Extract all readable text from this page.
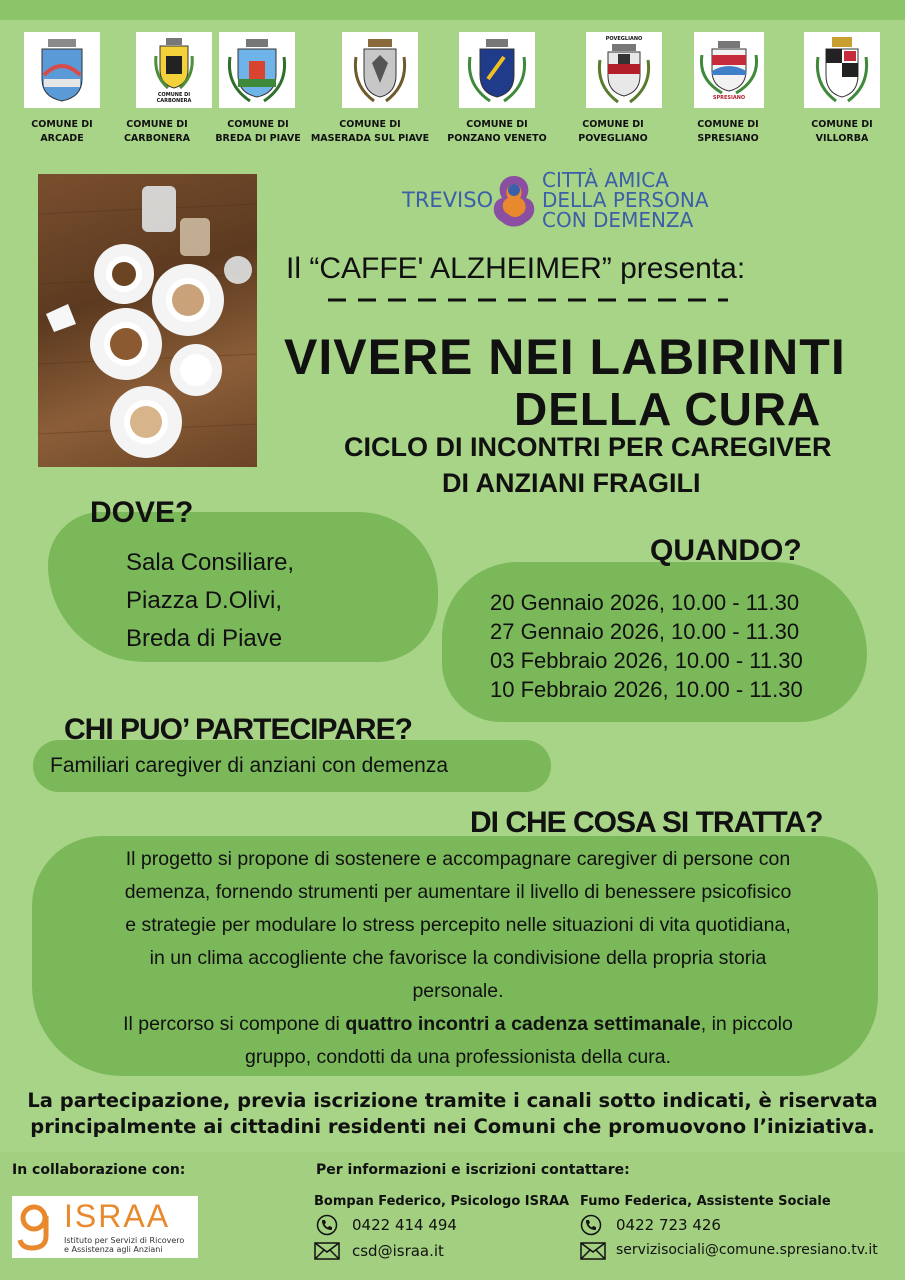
COMUNE DI CARBONERA
POVEGLIANO
SPRESIANO
COMUNE DI
ARCADE
COMUNE DI
CARBONERA
COMUNE DI
BREDA DI PIAVE
COMUNE DI
MASERADA SUL PIAVE
COMUNE DI
PONZANO VENETO
COMUNE DI
POVEGLIANO
COMUNE DI
SPRESIANO
COMUNE DI
VILLORBA
TREVISO
CITTÀ AMICA
DELLA PERSONA
CON DEMENZA
Il “CAFFE' ALZHEIMER” presenta:
VIVERE NEI LABIRINTI
DELLA CURA
CICLO DI INCONTRI PER CAREGIVER
DI ANZIANI FRAGILI
DOVE?
Sala Consiliare,
Piazza D.Olivi,
Breda di Piave
QUANDO?
20 Gennaio 2026, 10.00 - 11.30
27 Gennaio 2026, 10.00 - 11.30
03 Febbraio 2026, 10.00 - 11.30
10 Febbraio 2026, 10.00 - 11.30
CHI PUO’ PARTECIPARE?
Familiari caregiver di anziani con demenza
DI CHE COSA SI TRATTA?
Il progetto si propone di sostenere e accompagnare caregiver di persone con
demenza, fornendo strumenti per aumentare il livello di benessere psicofisico
e strategie per modulare lo stress percepito nelle situazioni di vita quotidiana,
in un clima accogliente che favorisce la condivisione della propria storia
personale.
Il percorso si compone di quattro incontri a cadenza settimanale, in piccolo
gruppo, condotti da una professionista della cura.
La partecipazione, previa iscrizione tramite i canali sotto indicati, è riservata
principalmente ai cittadini residenti nei Comuni che promuovono l’iniziativa.
In collaborazione con:
ISRAA
Istituto per Servizi di Ricovero
e Assistenza agli Anziani
Per informazioni e iscrizioni contattare:
Bompan Federico, Psicologo ISRAA
0422 414 494
csd@israa.it
Fumo Federica, Assistente Sociale
0422 723 426
servizisociali@comune.spresiano.tv.it
